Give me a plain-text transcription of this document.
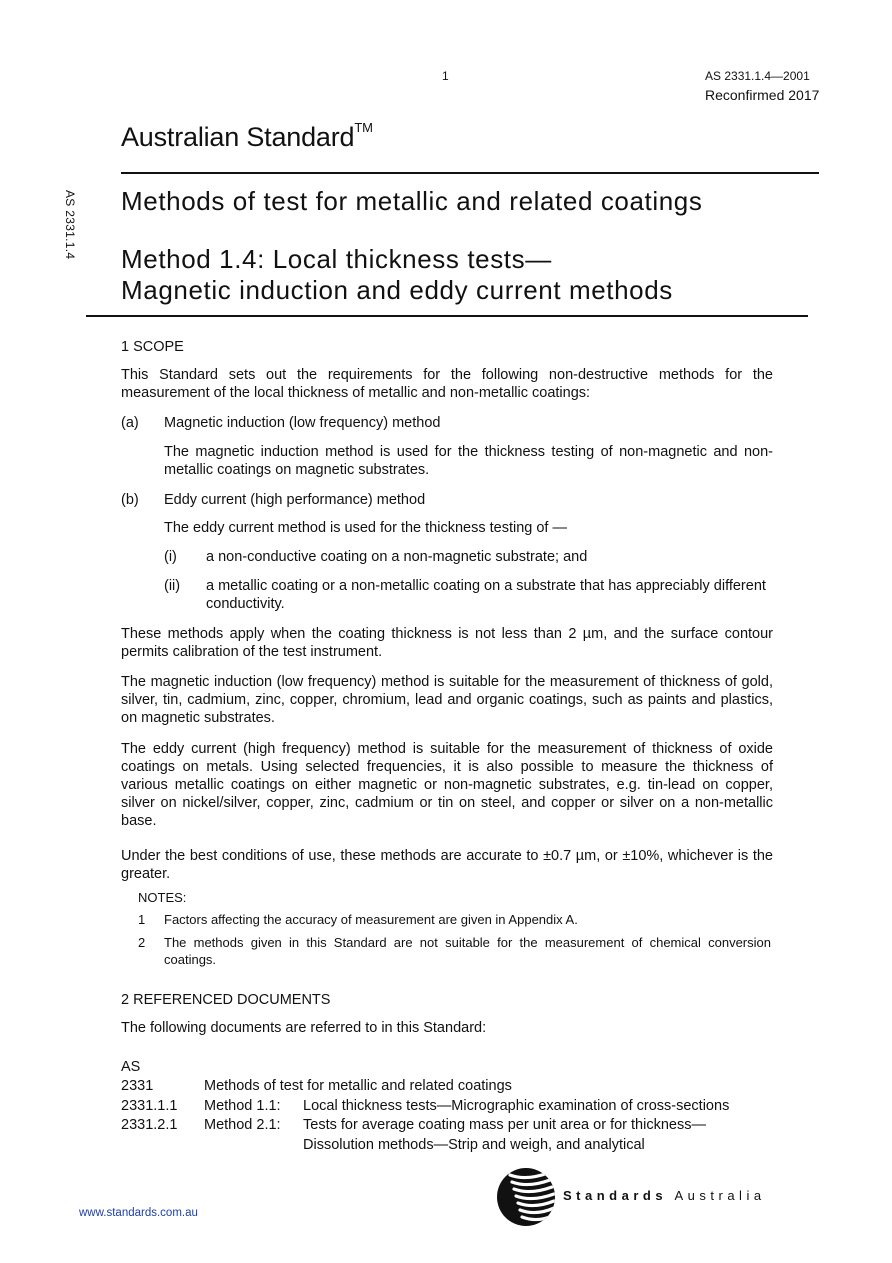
1	AS 2331.1.4—2001
Reconfirmed 2017
Australian Standard™
AS 2331.1.4 Methods of test for metallic and related coatings
Method 1.4: Local thickness tests—
Magnetic induction and eddy current methods
1 SCOPE
This Standard sets out the requirements for the following non-destructive methods for the measurement of the local thickness of metallic and non-metallic coatings:
(a) Magnetic induction (low frequency) method
The magnetic induction method is used for the thickness testing of non-magnetic and non-metallic coatings on magnetic substrates.
(b) Eddy current (high performance) method
The eddy current method is used for the thickness testing of —
(i) a non-conductive coating on a non-magnetic substrate; and
(ii) a metallic coating or a non-metallic coating on a substrate that has appreciably different conductivity.
These methods apply when the coating thickness is not less than 2 µm, and the surface contour permits calibration of the test instrument.
The magnetic induction (low frequency) method is suitable for the measurement of thickness of gold, silver, tin, cadmium, zinc, copper, chromium, lead and organic coatings, such as paints and plastics, on magnetic substrates.
The eddy current (high frequency) method is suitable for the measurement of thickness of oxide coatings on metals. Using selected frequencies, it is also possible to measure the thickness of various metallic coatings on either magnetic or non-magnetic substrates, e.g. tin-lead on copper, silver on nickel/silver, copper, zinc, cadmium or tin on steel, and copper or silver on a non-metallic base.
Under the best conditions of use, these methods are accurate to ±0.7 µm, or ±10%, whichever is the greater.
NOTES:
1 Factors affecting the accuracy of measurement are given in Appendix A.
2 The methods given in this Standard are not suitable for the measurement of chemical conversion coatings.
2 REFERENCED DOCUMENTS
The following documents are referred to in this Standard:
AS
2331	Methods of test for metallic and related coatings
2331.1.1 Method 1.1: Local thickness tests—Micrographic examination of cross-sections
2331.2.1 Method 2.1: Tests for average coating mass per unit area or for thickness—
Dissolution methods—Strip and weigh, and analytical
www.standards.com.au
Standards Australia
